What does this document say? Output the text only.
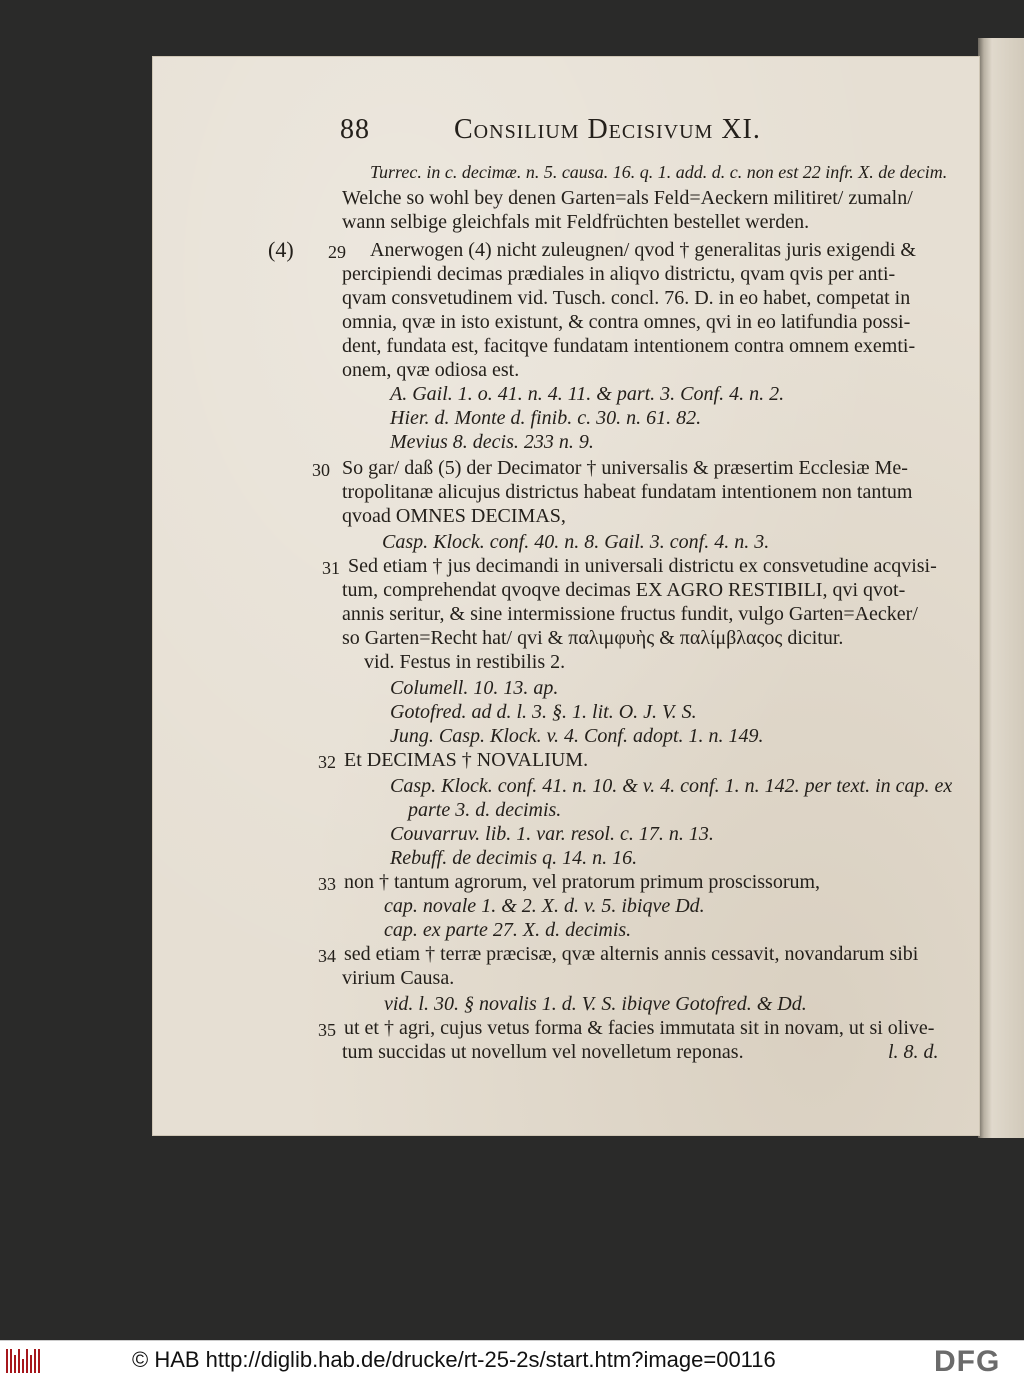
88	Consilium Decisivum XI.
Turrec. in c. decimæ. n. 5. causa. 16. q. 1. add. d. c. non est 22 infr. X. de decim.
Welche so wohl bey denen Garten=als Feld=Aeckern militiret/ zumaln/
wann selbige gleichfals mit Feldfrüchten bestellet werden.
(4) 29 Anerwogen (4) nicht zuleugnen/ qvod † generalitas juris exigendi &
percipiendi decimas prædiales in aliqvo districtu, qvam qvis per anti-
qvam consvetudinem vid. Tusch. concl. 76. D. in eo habet, competat in
omnia, qvæ in isto existunt, & contra omnes, qvi in eo latifundia possi-
dent, fundata est, facitqve fundatam intentionem contra omnem exemti-
onem, qvæ odiosa est.
A. Gail. 1. o. 41. n. 4. 11. & part. 3. Conf. 4. n. 2.
Hier. d. Monte d. finib. c. 30. n. 61. 82.
Mevius 8. decis. 233 n. 9.
30 So gar/ daß (5) der Decimator † universalis & præsertim Ecclesiæ Me-
tropolitanæ alicujus districtus habeat fundatam intentionem non tantum
qvoad OMNES DECIMAS,
Casp. Klock. conf. 40. n. 8. Gail. 3. conf. 4. n. 3.
31 Sed etiam † jus decimandi in universali districtu ex consvetudine acqvisi-
tum, comprehendat qvoqve decimas EX AGRO RESTIBILI, qvi qvot-
annis seritur, & sine intermissione fructus fundit, vulgo Garten=Aecker/
so Garten=Recht hat/ qvi & παλιμφυὴς & παλίμβλαςος dicitur.
vid. Festus in restibilis 2.
Columell. 10. 13. ap.
Gotofred. ad d. l. 3. §. 1. lit. O. J. V. S.
Jung. Casp. Klock. v. 4. Conf. adopt. 1. n. 149.
32 Et DECIMAS † NOVALIUM.
Casp. Klock. conf. 41. n. 10. & v. 4. conf. 1. n. 142. per text. in cap. ex
parte 3. d. decimis.
Couvarruv. lib. 1. var. resol. c. 17. n. 13.
Rebuff. de decimis q. 14. n. 16.
33 non † tantum agrorum, vel pratorum primum proscissorum,
cap. novale 1. & 2. X. d. v. 5. ibiqve Dd.
cap. ex parte 27. X. d. decimis.
34 sed etiam † terræ præcisæ, qvæ alternis annis cessavit, novandarum sibi
virium Causa.
vid. l. 30. § novalis 1. d. V. S. ibiqve Gotofred. & Dd.
35 ut et † agri, cujus vetus forma & facies immutata sit in novam, ut si olive-
tum succidas ut novellum vel novelletum reponas.	l. 8. d.
© HAB http://diglib.hab.de/drucke/rt-25-2s/start.htm?image=00116	DFG
